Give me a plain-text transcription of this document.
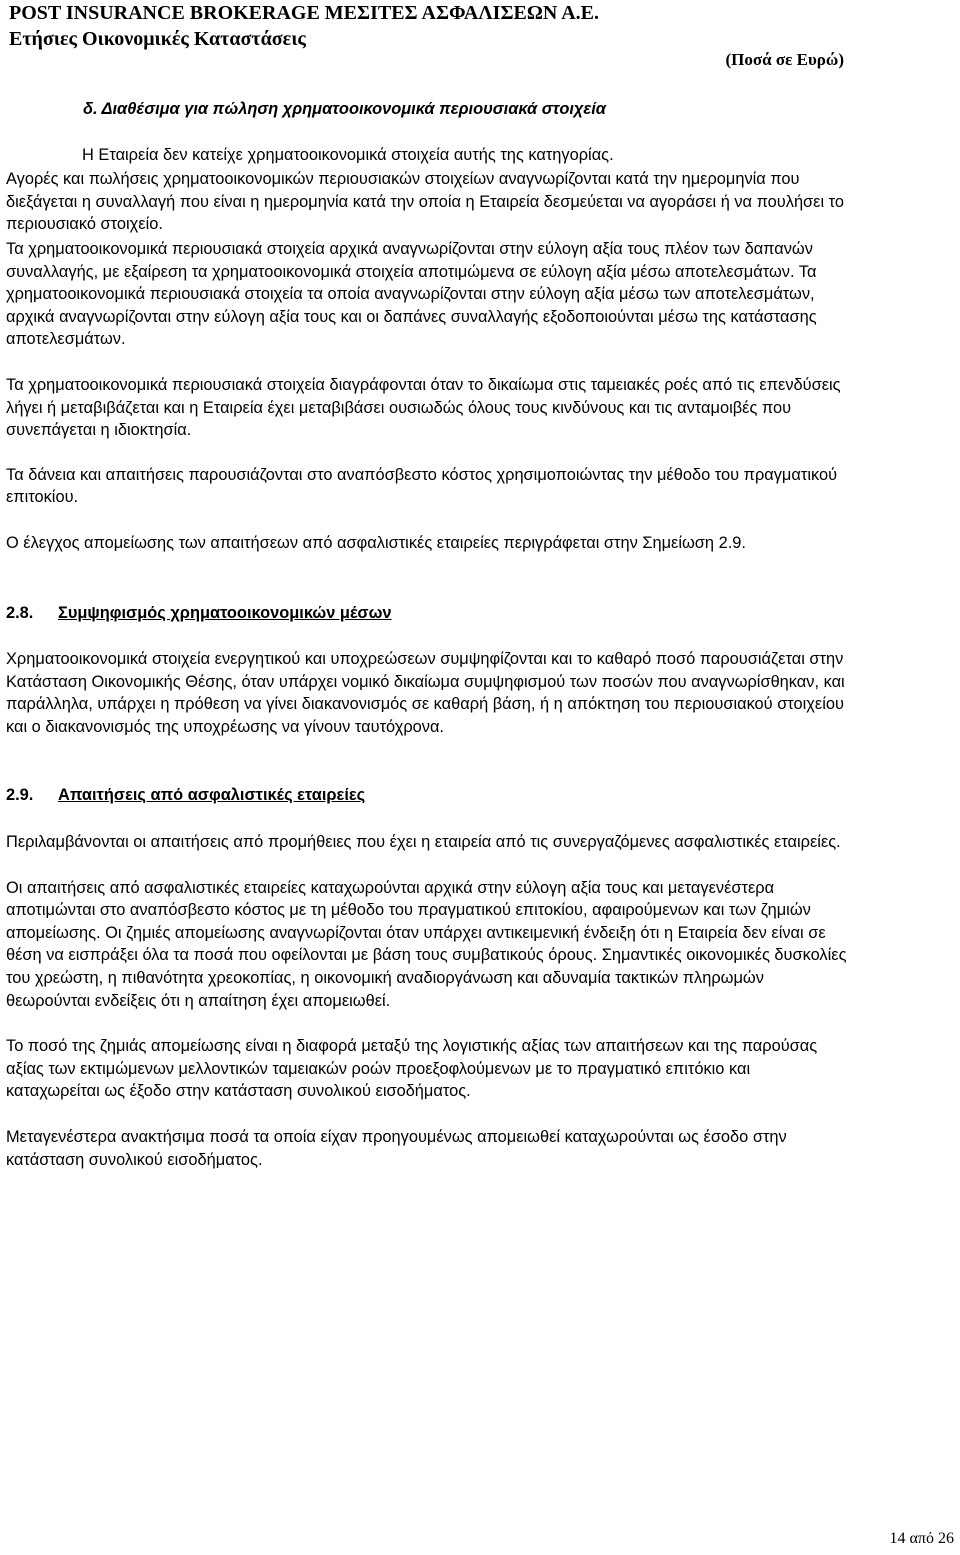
POST INSURANCE BROKERAGE ΜΕΣΙΤΕΣ ΑΣΦΑΛΙΣΕΩΝ Α.Ε.
Ετήσιες Οικονομικές Καταστάσεις
(Ποσά σε Ευρώ)

δ. Διαθέσιμα για πώληση χρηματοοικονομικά περιουσιακά στοιχεία

Η Εταιρεία δεν κατείχε χρηματοοικονομικά στοιχεία αυτής της κατηγορίας.

Αγορές και πωλήσεις χρηματοοικονομικών περιουσιακών στοιχείων αναγνωρίζονται κατά την ημερομηνία που διεξάγεται η συναλλαγή που είναι η ημερομηνία κατά την οποία η Εταιρεία δεσμεύεται να αγοράσει ή να πουλήσει το περιουσιακό στοιχείο.

Τα χρηματοοικονομικά περιουσιακά στοιχεία αρχικά αναγνωρίζονται στην εύλογη αξία τους πλέον των δαπανών συναλλαγής, με εξαίρεση τα χρηματοοικονομικά στοιχεία αποτιμώμενα σε εύλογη αξία μέσω αποτελεσμάτων. Τα χρηματοοικονομικά περιουσιακά στοιχεία τα οποία αναγνωρίζονται στην εύλογη αξία μέσω των αποτελεσμάτων, αρχικά αναγνωρίζονται στην εύλογη αξία τους και οι δαπάνες συναλλαγής εξοδοποιούνται μέσω της κατάστασης αποτελεσμάτων.

Τα χρηματοοικονομικά περιουσιακά στοιχεία διαγράφονται όταν το δικαίωμα στις ταμειακές ροές από τις επενδύσεις λήγει ή μεταβιβάζεται και η Εταιρεία έχει μεταβιβάσει ουσιωδώς όλους τους κινδύνους και τις ανταμοιβές που συνεπάγεται η ιδιοκτησία.

Τα δάνεια και απαιτήσεις παρουσιάζονται στο αναπόσβεστο κόστος χρησιμοποιώντας την μέθοδο του πραγματικού επιτοκίου.

Ο έλεγχος απομείωσης των απαιτήσεων από ασφαλιστικές εταιρείες περιγράφεται στην Σημείωση 2.9.

2.8. Συμψηφισμός χρηματοοικονομικών μέσων

Χρηματοοικονομικά στοιχεία ενεργητικού και υποχρεώσεων συμψηφίζονται και το καθαρό ποσό παρουσιάζεται στην Κατάσταση Οικονομικής Θέσης, όταν υπάρχει νομικό δικαίωμα συμψηφισμού των ποσών που αναγνωρίσθηκαν, και παράλληλα, υπάρχει η πρόθεση να γίνει διακανονισμός σε καθαρή βάση, ή η απόκτηση του περιουσιακού στοιχείου και ο διακανονισμός της υποχρέωσης να γίνουν ταυτόχρονα.

2.9. Απαιτήσεις από ασφαλιστικές εταιρείες

Περιλαμβάνονται οι απαιτήσεις από προμήθειες που έχει η εταιρεία από τις συνεργαζόμενες ασφαλιστικές εταιρείες.

Οι απαιτήσεις από ασφαλιστικές εταιρείες καταχωρούνται αρχικά στην εύλογη αξία τους και μεταγενέστερα αποτιμώνται στο αναπόσβεστο κόστος με τη μέθοδο του πραγματικού επιτοκίου, αφαιρούμενων και των ζημιών απομείωσης. Οι ζημιές απομείωσης αναγνωρίζονται όταν υπάρχει αντικειμενική ένδειξη ότι η Εταιρεία δεν είναι σε θέση να εισπράξει όλα τα ποσά που οφείλονται με βάση τους συμβατικούς όρους. Σημαντικές οικονομικές δυσκολίες του χρεώστη, η πιθανότητα χρεοκοπίας, η οικονομική αναδιοργάνωση και αδυναμία τακτικών πληρωμών θεωρούνται ενδείξεις ότι η απαίτηση έχει απομειωθεί.

Το ποσό της ζημιάς απομείωσης είναι η διαφορά μεταξύ της λογιστικής αξίας των απαιτήσεων και της παρούσας αξίας των εκτιμώμενων μελλοντικών ταμειακών ροών προεξοφλούμενων με το πραγματικό επιτόκιο και καταχωρείται ως έξοδο στην κατάσταση συνολικού εισοδήματος.

Μεταγενέστερα ανακτήσιμα ποσά τα οποία είχαν προηγουμένως απομειωθεί καταχωρούνται ως έσοδο στην κατάσταση συνολικού εισοδήματος.

14 από 26
